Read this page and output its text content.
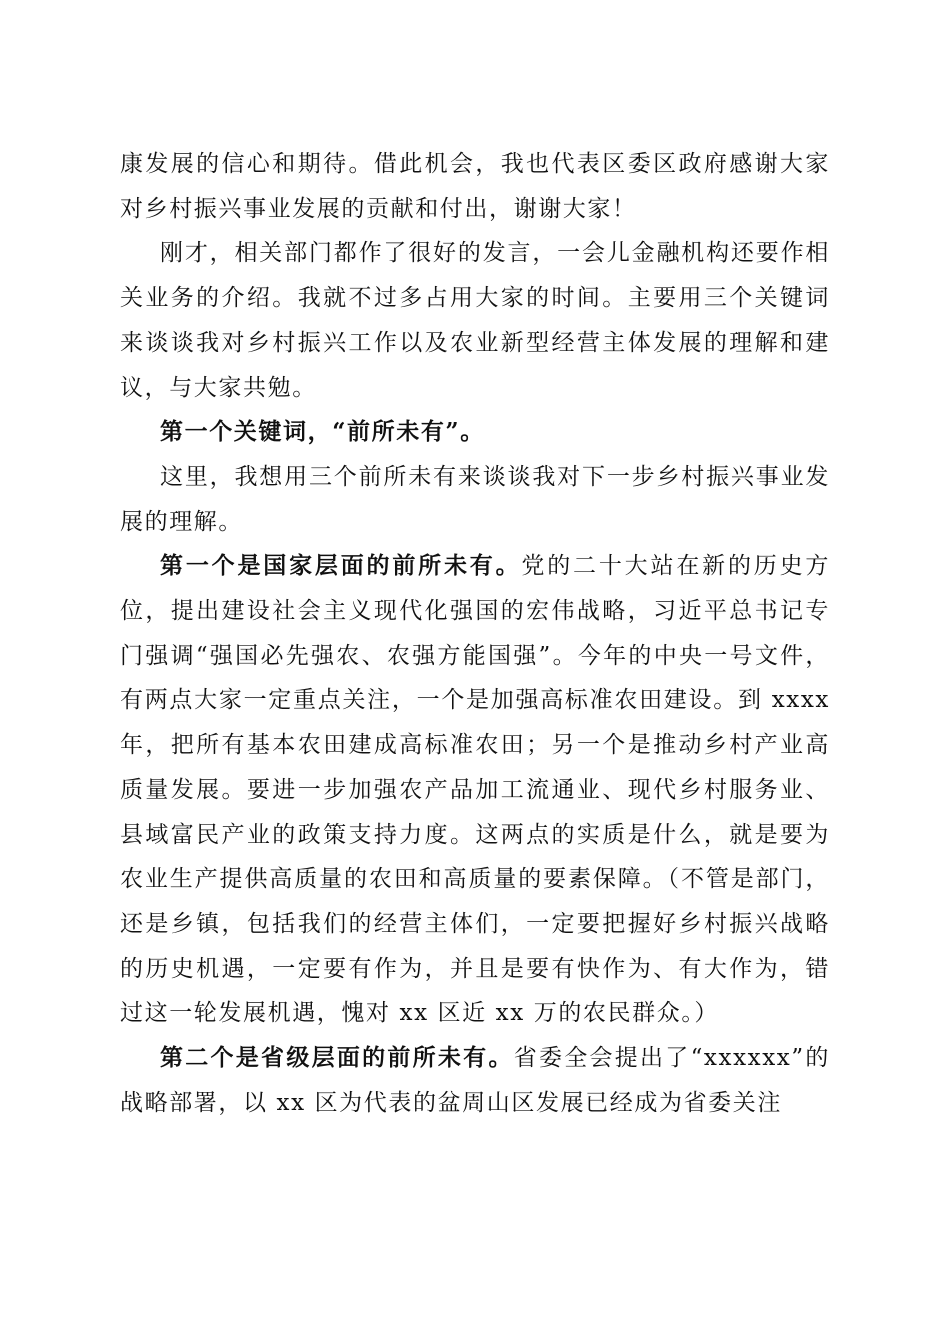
康发展的信心和期待。借此机会，我也代表区委区政府感谢大家对乡村振兴事业发展的贡献和付出，谢谢大家！

刚才，相关部门都作了很好的发言，一会儿金融机构还要作相关业务的介绍。我就不过多占用大家的时间。主要用三个关键词来谈谈我对乡村振兴工作以及农业新型经营主体发展的理解和建议，与大家共勉。

第一个关键词，“前所未有”。

这里，我想用三个前所未有来谈谈我对下一步乡村振兴事业发展的理解。

第一个是国家层面的前所未有。党的二十大站在新的历史方位，提出建设社会主义现代化强国的宏伟战略，习近平总书记专门强调“强国必先强农、农强方能国强”。今年的中央一号文件，有两点大家一定重点关注，一个是加强高标准农田建设。到 xxxx 年，把所有基本农田建成高标准农田；另一个是推动乡村产业高质量发展。要进一步加强农产品加工流通业、现代乡村服务业、县域富民产业的政策支持力度。这两点的实质是什么，就是要为农业生产提供高质量的农田和高质量的要素保障。（不管是部门，还是乡镇，包括我们的经营主体们，一定要把握好乡村振兴战略的历史机遇，一定要有作为，并且是要有快作为、有大作为，错过这一轮发展机遇，愧对 xx 区近 xx 万的农民群众。）

第二个是省级层面的前所未有。省委全会提出了“xxxxxx”的战略部署，以 xx 区为代表的盆周山区发展已经成为省委关注
